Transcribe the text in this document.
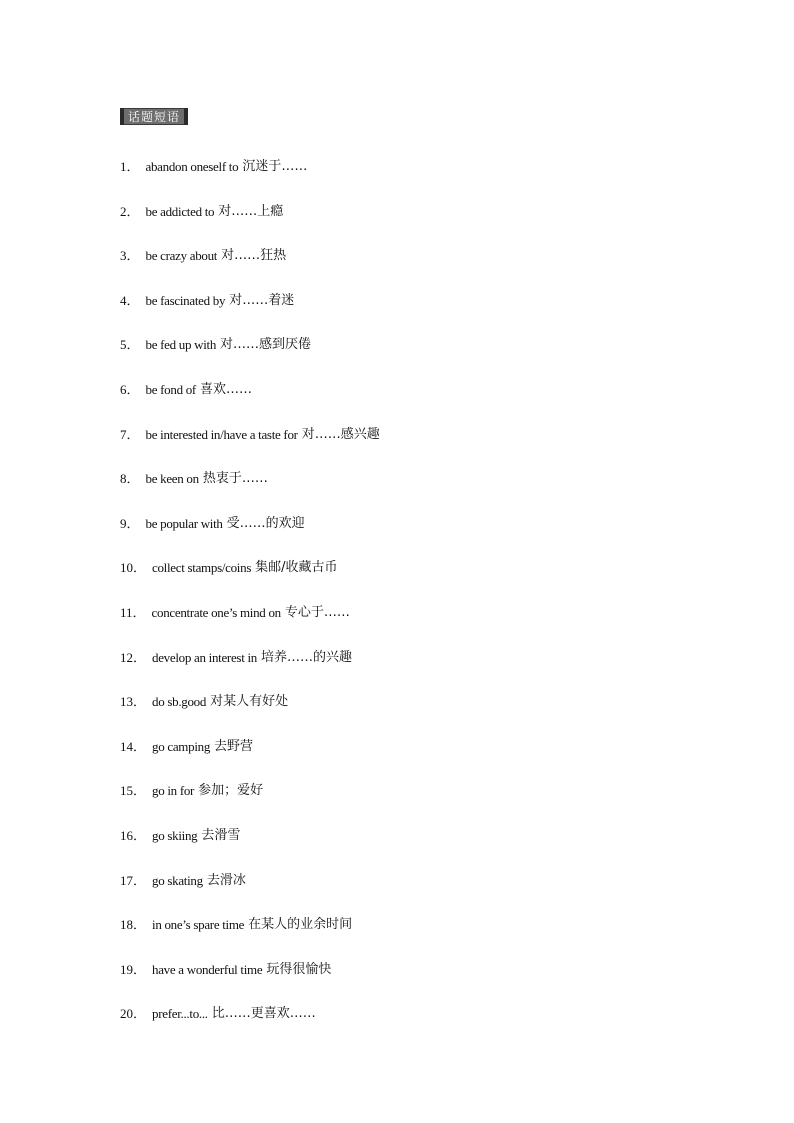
话题短语
1． abandon oneself to 沉迷于……
2． be addicted to 对……上瘾
3． be crazy about 对……狂热
4． be fascinated by 对……着迷
5． be fed up with 对……感到厌倦
6． be fond of 喜欢……
7． be interested in/have a taste for 对……感兴趣
8． be keen on 热衷于……
9． be popular with 受……的欢迎
10． collect stamps/coins 集邮/收藏古币
11． concentrate one’s mind on 专心于……
12． develop an interest in 培养……的兴趣
13． do sb.good 对某人有好处
14． go camping 去野营
15． go in for 参加；爱好
16． go skiing 去滑雪
17． go skating 去滑冰
18． in one’s spare time 在某人的业余时间
19． have a wonderful time 玩得很愉快
20． prefer...to... 比……更喜欢……
